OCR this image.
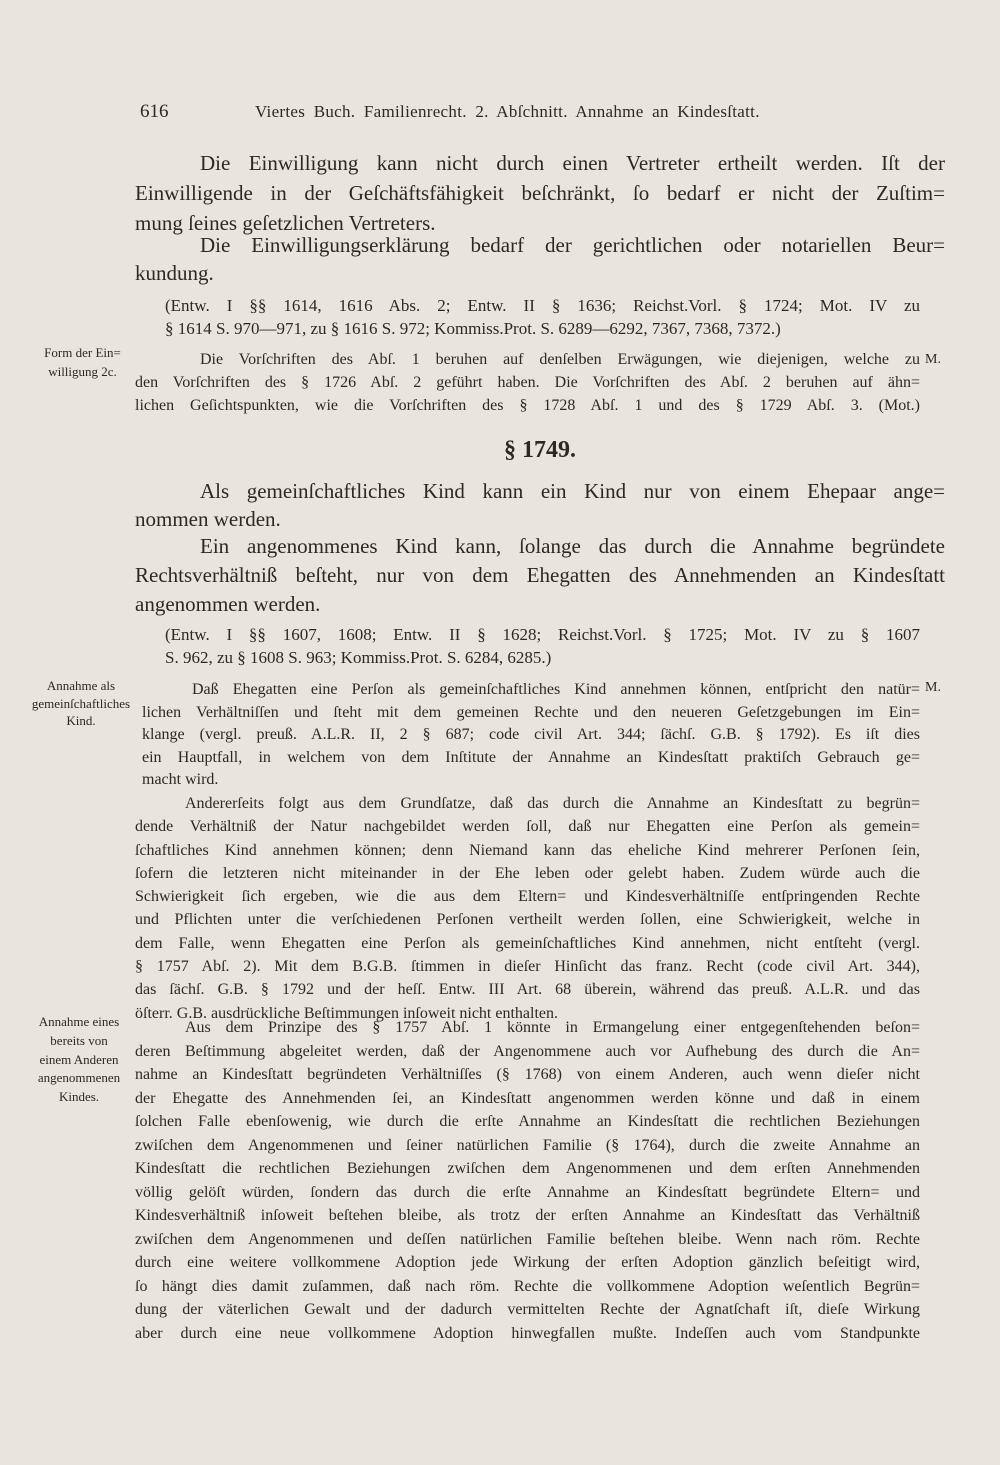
616	Viertes Buch. Familienrecht. 2. Abſchnitt. Annahme an Kindesſtatt.
Die Einwilligung kann nicht durch einen Vertreter ertheilt werden. Iſt der
Einwilligende in der Geſchäftsfähigkeit beſchränkt, ſo bedarf er nicht der Zuſtim=
mung ſeines geſetzlichen Vertreters.
Die Einwilligungserklärung bedarf der gerichtlichen oder notariellen Beur=
kundung.
(Entw. I §§ 1614, 1616 Abs. 2; Entw. II § 1636; Reichst.Vorl. § 1724; Mot. IV zu
§ 1614 S. 970—971, zu § 1616 S. 972; Kommiss.Prot. S. 6289—6292, 7367, 7368, 7372.)
Form der Ein=
willigung 2c.
M.
Die Vorſchriften des Abſ. 1 beruhen auf denſelben Erwägungen, wie diejenigen, welche zu
den Vorſchriften des § 1726 Abſ. 2 geführt haben. Die Vorſchriften des Abſ. 2 beruhen auf ähn=
lichen Geſichtspunkten, wie die Vorſchriften des § 1728 Abſ. 1 und des § 1729 Abſ. 3. (Mot.)
§ 1749.
Als gemeinſchaftliches Kind kann ein Kind nur von einem Ehepaar ange=
nommen werden.
Ein angenommenes Kind kann, ſolange das durch die Annahme begründete
Rechtsverhältniß beſteht, nur von dem Ehegatten des Annehmenden an Kindesſtatt
angenommen werden.
(Entw. I §§ 1607, 1608; Entw. II § 1628; Reichst.Vorl. § 1725; Mot. IV zu § 1607
S. 962, zu § 1608 S. 963; Kommiss.Prot. S. 6284, 6285.)
Annahme als
gemeinſchaftliches
Kind.
M.
Daß Ehegatten eine Perſon als gemeinſchaftliches Kind annehmen können, entſpricht den natür=
lichen Verhältniſſen und ſteht mit dem gemeinen Rechte und den neueren Geſetzgebungen im Ein=
klange (vergl. preuß. A.L.R. II, 2 § 687; code civil Art. 344; ſächſ. G.B. § 1792). Es iſt dies
ein Hauptfall, in welchem von dem Inſtitute der Annahme an Kindesſtatt praktiſch Gebrauch ge=
macht wird.
Andererſeits folgt aus dem Grundſatze, daß das durch die Annahme an Kindesſtatt zu begrün=
dende Verhältniß der Natur nachgebildet werden ſoll, daß nur Ehegatten eine Perſon als gemein=
ſchaftliches Kind annehmen können; denn Niemand kann das eheliche Kind mehrerer Perſonen ſein,
ſofern die letzteren nicht miteinander in der Ehe leben oder gelebt haben. Zudem würde auch die
Schwierigkeit ſich ergeben, wie die aus dem Eltern= und Kindesverhältniſſe entſpringenden Rechte
und Pflichten unter die verſchiedenen Perſonen vertheilt werden ſollen, eine Schwierigkeit, welche in
dem Falle, wenn Ehegatten eine Perſon als gemeinſchaftliches Kind annehmen, nicht entſteht (vergl.
§ 1757 Abſ. 2). Mit dem B.G.B. ſtimmen in dieſer Hinſicht das franz. Recht (code civil Art. 344),
das ſächſ. G.B. § 1792 und der heſſ. Entw. III Art. 68 überein, während das preuß. A.L.R. und das
öſterr. G.B. ausdrückliche Beſtimmungen inſoweit nicht enthalten.
Annahme eines
bereits von
einem Anderen
angenommenen
Kindes.
Aus dem Prinzipe des § 1757 Abſ. 1 könnte in Ermangelung einer entgegenſtehenden beſon=
deren Beſtimmung abgeleitet werden, daß der Angenommene auch vor Aufhebung des durch die An=
nahme an Kindesſtatt begründeten Verhältniſſes (§ 1768) von einem Anderen, auch wenn dieſer nicht
der Ehegatte des Annehmenden ſei, an Kindesſtatt angenommen werden könne und daß in einem
ſolchen Falle ebenſowenig, wie durch die erſte Annahme an Kindesſtatt die rechtlichen Beziehungen
zwiſchen dem Angenommenen und ſeiner natürlichen Familie (§ 1764), durch die zweite Annahme an
Kindesſtatt die rechtlichen Beziehungen zwiſchen dem Angenommenen und dem erſten Annehmenden
völlig gelöſt würden, ſondern das durch die erſte Annahme an Kindesſtatt begründete Eltern= und
Kindesverhältniß inſoweit beſtehen bleibe, als trotz der erſten Annahme an Kindesſtatt das Verhältniß
zwiſchen dem Angenommenen und deſſen natürlichen Familie beſtehen bleibe. Wenn nach röm. Rechte
durch eine weitere vollkommene Adoption jede Wirkung der erſten Adoption gänzlich beſeitigt wird,
ſo hängt dies damit zuſammen, daß nach röm. Rechte die vollkommene Adoption weſentlich Begrün=
dung der väterlichen Gewalt und der dadurch vermittelten Rechte der Agnatſchaft iſt, dieſe Wirkung
aber durch eine neue vollkommene Adoption hinwegfallen mußte. Indeſſen auch vom Standpunkte
